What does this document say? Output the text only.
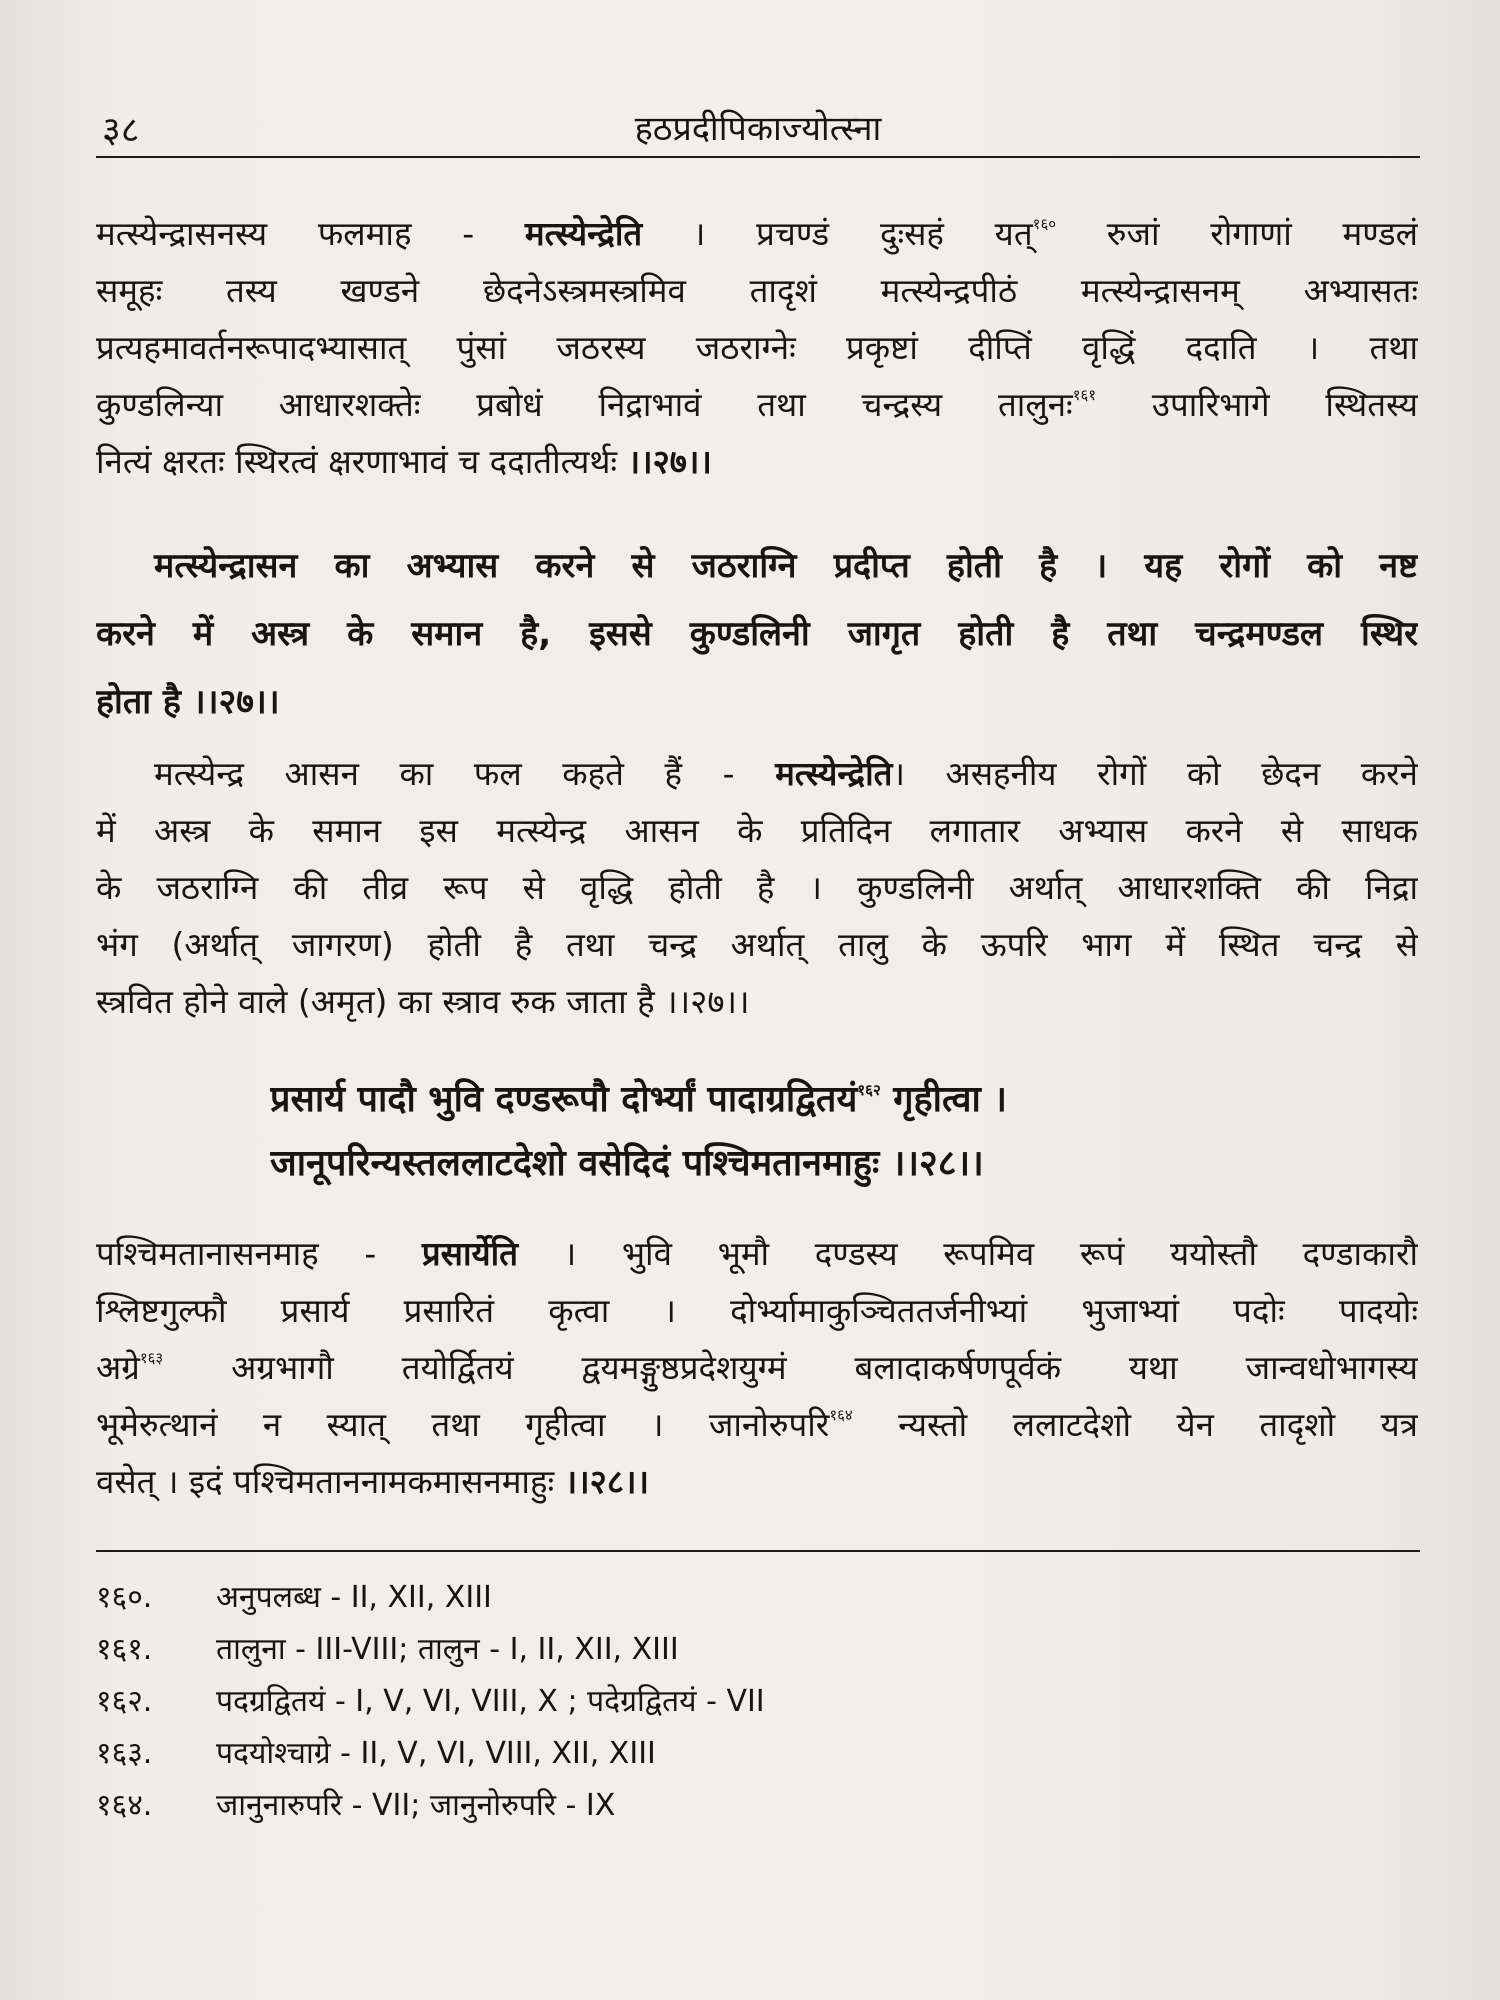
३८	हठप्रदीपिकाज्योत्स्ना
मत्स्येन्द्रासनस्य फलमाह - मत्स्येन्द्रेति । प्रचण्डं दुःसहं यत्$^{१६०}$ रुजां रोगाणां मण्डलं
समूहः तस्य खण्डने छेदनेऽस्त्रमस्त्रमिव तादृशं मत्स्येन्द्रपीठं मत्स्येन्द्रासनम् अभ्यासतः
प्रत्यहमावर्तनरूपादभ्यासात् पुंसां जठरस्य जठराग्नेः प्रकृष्टां दीप्तिं वृद्धिं ददाति । तथा
कुण्डलिन्या आधारशक्तेः प्रबोधं निद्राभावं तथा चन्द्रस्य तालुनः$^{१६१}$ उपारिभागे स्थितस्य
नित्यं क्षरतः स्थिरत्वं क्षरणाभावं च ददातीत्यर्थः ।।२७।।
मत्स्येन्द्रासन का अभ्यास करने से जठराग्नि प्रदीप्त होती है । यह रोगों को नष्ट
करने में अस्त्र के समान है, इससे कुण्डलिनी जागृत होती है तथा चन्द्रमण्डल स्थिर
होता है ।।२७।।
मत्स्येन्द्र आसन का फल कहते हैं - मत्स्येन्द्रेति। असहनीय रोगों को छेदन करने
में अस्त्र के समान इस मत्स्येन्द्र आसन के प्रतिदिन लगातार अभ्यास करने से साधक
के जठराग्नि की तीव्र रूप से वृद्धि होती है । कुण्डलिनी अर्थात् आधारशक्ति की निद्रा
भंग (अर्थात् जागरण) होती है तथा चन्द्र अर्थात् तालु के ऊपरि भाग में स्थित चन्द्र से
स्त्रवित होने वाले (अमृत) का स्त्राव रुक जाता है ।।२७।।
प्रसार्य पादौ भुवि दण्डरूपौ दोर्भ्यां पादाग्रद्वितयं$^{१६२}$ गृहीत्वा ।
जानूपरिन्यस्तललाटदेशो वसेदिदं पश्चिमतानमाहुः ।।२८।।
पश्चिमतानासनमाह - प्रसार्येति । भुवि भूमौ दण्डस्य रूपमिव रूपं ययोस्तौ दण्डाकारौ
श्लिष्टगुल्फौ प्रसार्य प्रसारितं कृत्वा । दोर्भ्यामाकुञ्चिततर्जनीभ्यां भुजाभ्यां पदोः पादयोः
अग्रे$^{१६३}$ अग्रभागौ तयोर्द्वितयं द्वयमङ्गुष्ठप्रदेशयुग्मं बलादाकर्षणपूर्वकं यथा जान्वधोभागस्य
भूमेरुत्थानं न स्यात् तथा गृहीत्वा । जानोरुपरि$^{१६४}$ न्यस्तो ललाटदेशो येन तादृशो यत्र
वसेत् । इदं पश्चिमताननामकमासनमाहुः ।।२८।।
१६०. अनुपलब्ध - II, XII, XIII
१६१. तालुना - III-VIII; तालुन - I, II, XII, XIII
१६२. पदग्रद्वितयं - I, V, VI, VIII, X ; पदेग्रद्वितयं - VII
१६३. पदयोश्चाग्रे - II, V, VI, VIII, XII, XIII
१६४. जानुनारुपरि - VII; जानुनोरुपरि - IX
